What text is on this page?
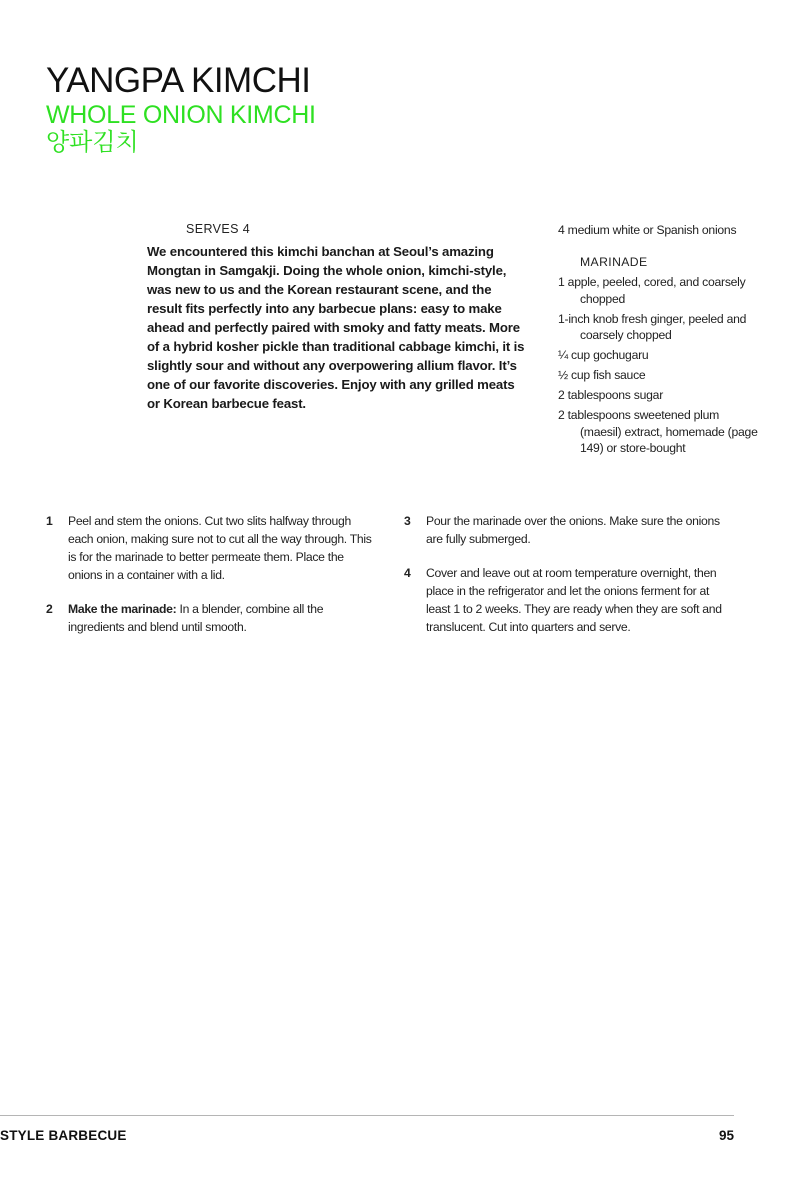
YANGPA KIMCHI
WHOLE ONION KIMCHI
양파김치
SERVES 4

We encountered this kimchi banchan at Seoul’s amazing Mongtan in Samgakji. Doing the whole onion, kimchi-style, was new to us and the Korean restaurant scene, and the result fits perfectly into any barbecue plans: easy to make ahead and perfectly paired with smoky and fatty meats. More of a hybrid kosher pickle than traditional cabbage kimchi, it is slightly sour and without any overpowering allium flavor. It’s one of our favorite discoveries. Enjoy with any grilled meats or Korean barbecue feast.

4 medium white or Spanish onions
MARINADE
1 apple, peeled, cored, and coarsely chopped
1-inch knob fresh ginger, peeled and coarsely chopped
¼ cup gochugaru
½ cup fish sauce
2 tablespoons sugar
2 tablespoons sweetened plum (maesil) extract, homemade (page 149) or store-bought
1	Peel and stem the onions. Cut two slits halfway through each onion, making sure not to cut all the way through. This is for the marinade to better permeate them. Place the onions in a container with a lid.
2	Make the marinade: In a blender, combine all the ingredients and blend until smooth.
3	Pour the marinade over the onions. Make sure the onions are fully submerged.
4	Cover and leave out at room temperature overnight, then place in the refrigerator and let the onions ferment for at least 1 to 2 weeks. They are ready when they are soft and translucent. Cut into quarters and serve.
STYLE BARBECUE	95
